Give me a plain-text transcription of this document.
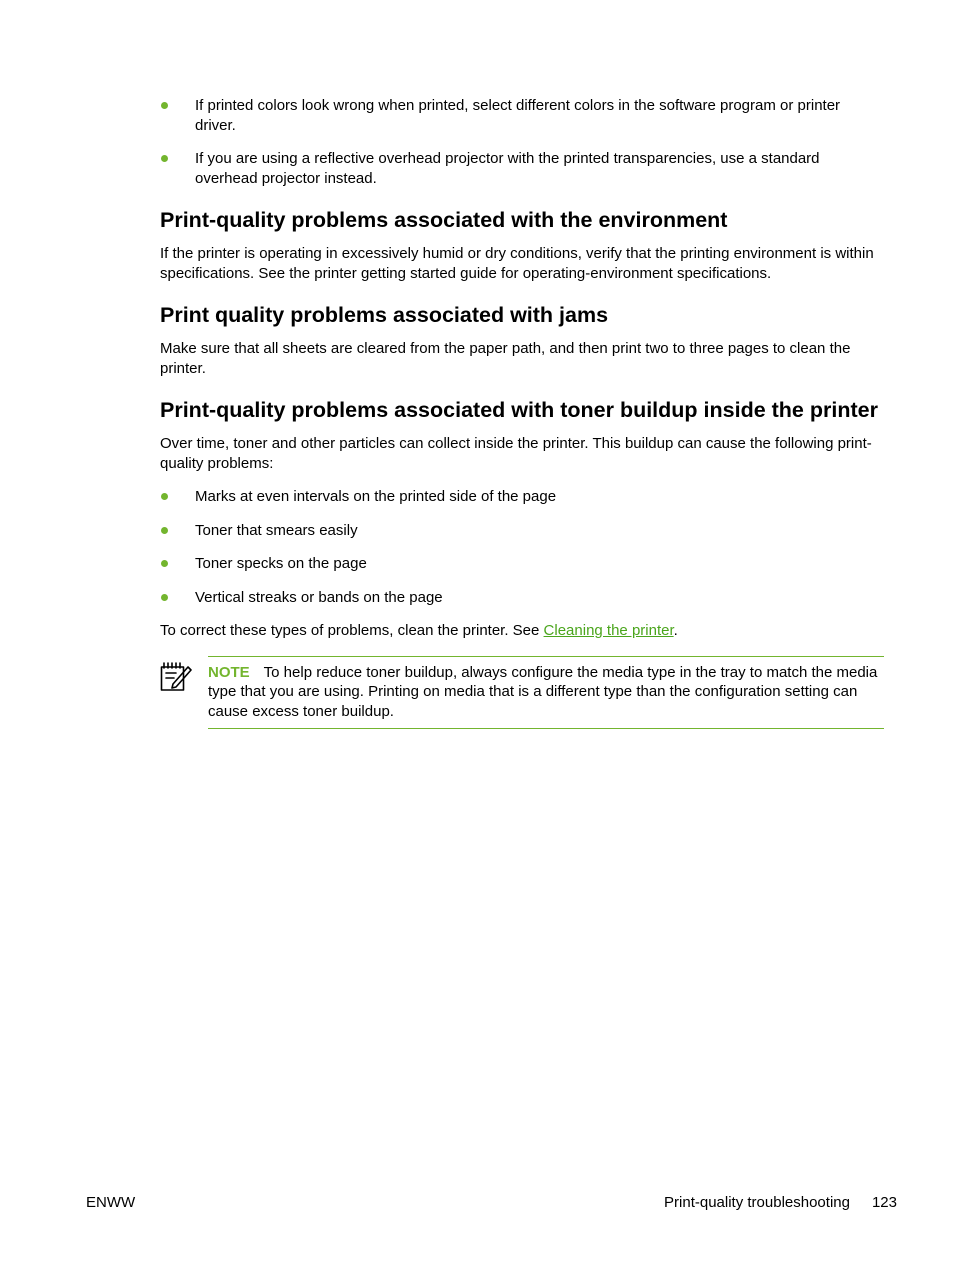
If printed colors look wrong when printed, select different colors in the software program or printer driver.
If you are using a reflective overhead projector with the printed transparencies, use a standard overhead projector instead.
Print-quality problems associated with the environment

If the printer is operating in excessively humid or dry conditions, verify that the printing environment is within specifications. See the printer getting started guide for operating-environment specifications.

Print quality problems associated with jams

Make sure that all sheets are cleared from the paper path, and then print two to three pages to clean the printer.

Print-quality problems associated with toner buildup inside the printer

Over time, toner and other particles can collect inside the printer. This buildup can cause the following print-quality problems:

Marks at even intervals on the printed side of the page
Toner that smears easily
Toner specks on the page
Vertical streaks or bands on the page

To correct these types of problems, clean the printer. See Cleaning the printer.

NOTE To help reduce toner buildup, always configure the media type in the tray to match the media type that you are using. Printing on media that is a different type than the configuration setting can cause excess toner buildup.

ENWW	Print-quality troubleshooting 123
